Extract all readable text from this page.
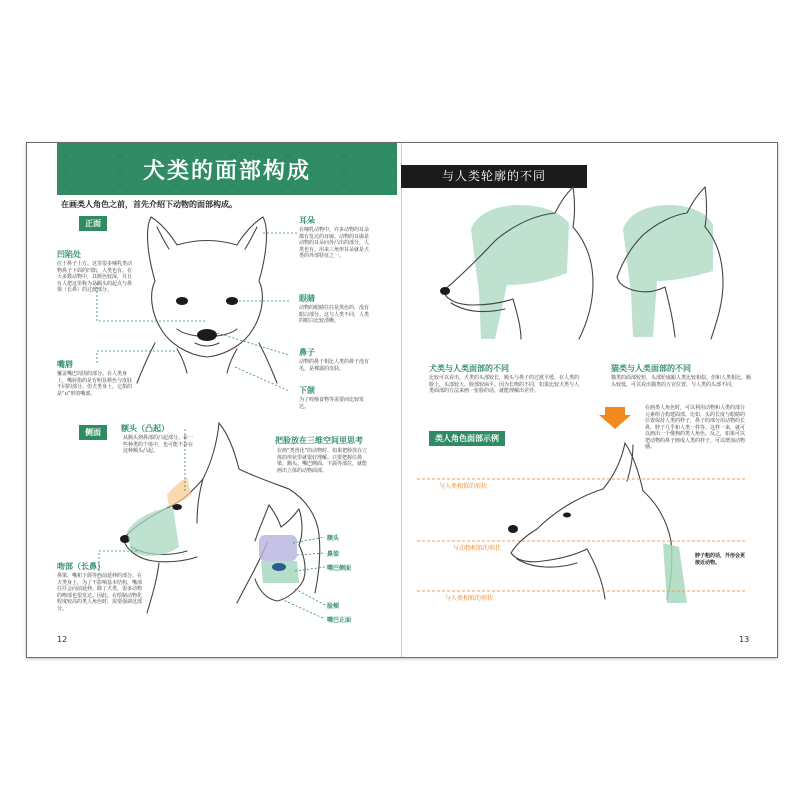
犬类的面部构成
在画类人角色之前，首先介绍下动物的面部构成。
正面
侧面
耳朵
在哺乳动物中，许多动物的耳朵都有发达的耳廓。动物的耳廓是动物的耳朵向外凸出的部分，人类也有。用来三角形耳朵就是犬类的外部特征之一。
眼睛
动物的眼睛往往是黑色的，没有眼白部分。这与人类不同，人类的眼白比较清晰。
鼻子
动物的鼻子相比人类的鼻子没有毛，是裸露的皮肤。
下颌
为了咬啮食物等需要而比较发达。
凹陷处
位于鼻子上方。这里很多哺乳类动物鼻子下面的凹陷，人类也有。在大多数动物中，其颜色较深，并且有人把这里称为是额头的起点与鼻梁（长鼻）的过渡部分。
嘴唇
覆盖嘴巴周围的部分。在人类身上，嘴唇指的是有明显颜色与皮肤不同的部分。但犬类身上，它指的是“u”形的嘴部。
额头（凸起）
从额头到鼻部的凸起部分。在一些种类的个体中，也可能不存在这种额头凸起。
吻部（长鼻）
鼻梁、嘴和下颌等向前延伸的部分。在犬类身上，为了不影响基本结构，嘴部往往会向前延伸。除了犬类，很多动物的吻部也很发达。因此，在绘制动物化程度较高的类人角色时，需要强调这部分。
把脸放在三维空间里思考
在画“类兽化”的动物时，如果把脸放在立体的形状里就很好理解。只要把握住鼻梁、额头、嘴巴侧面、下颌等部位，就能画出立体的动物面部。
额头
鼻梁
嘴巴侧面
脸颊
嘴巴正面
12
与人类轮廓的不同
犬类与人类面部的不同
比较可以看出，犬类的头部较长，额头与鼻子的过渡平缓。在人类的脸上，头部较大，脸部较扁平。因为长吻的不同，如果比较犬类与人类面部的方法来画一张脸的话，就能理解出差异。
猫类与人类面部的不同
猫类的面部较短，头部轮廓跟人类比较相似。但和人类相比，额头较低，可以看出猫类的五官位置，与人类的头部不同。
类人角色面部示例
与人类相似的形状
与动物相似的形状
与人类相似的形状
在画类人角色时，可以利用动物和人类的部分元素组合构建面部。比如，头的长度与眼睛的位置保持人类的样子，鼻子的部分用动物的长鼻，脖子几乎和人类一样等。这样一来，就可以画出一个像狗的类人角色。反之，如果可以把动物的鼻子画成人类的样子，可以增加动物感。
脖子粗的话，外形会更接近动物。
13
